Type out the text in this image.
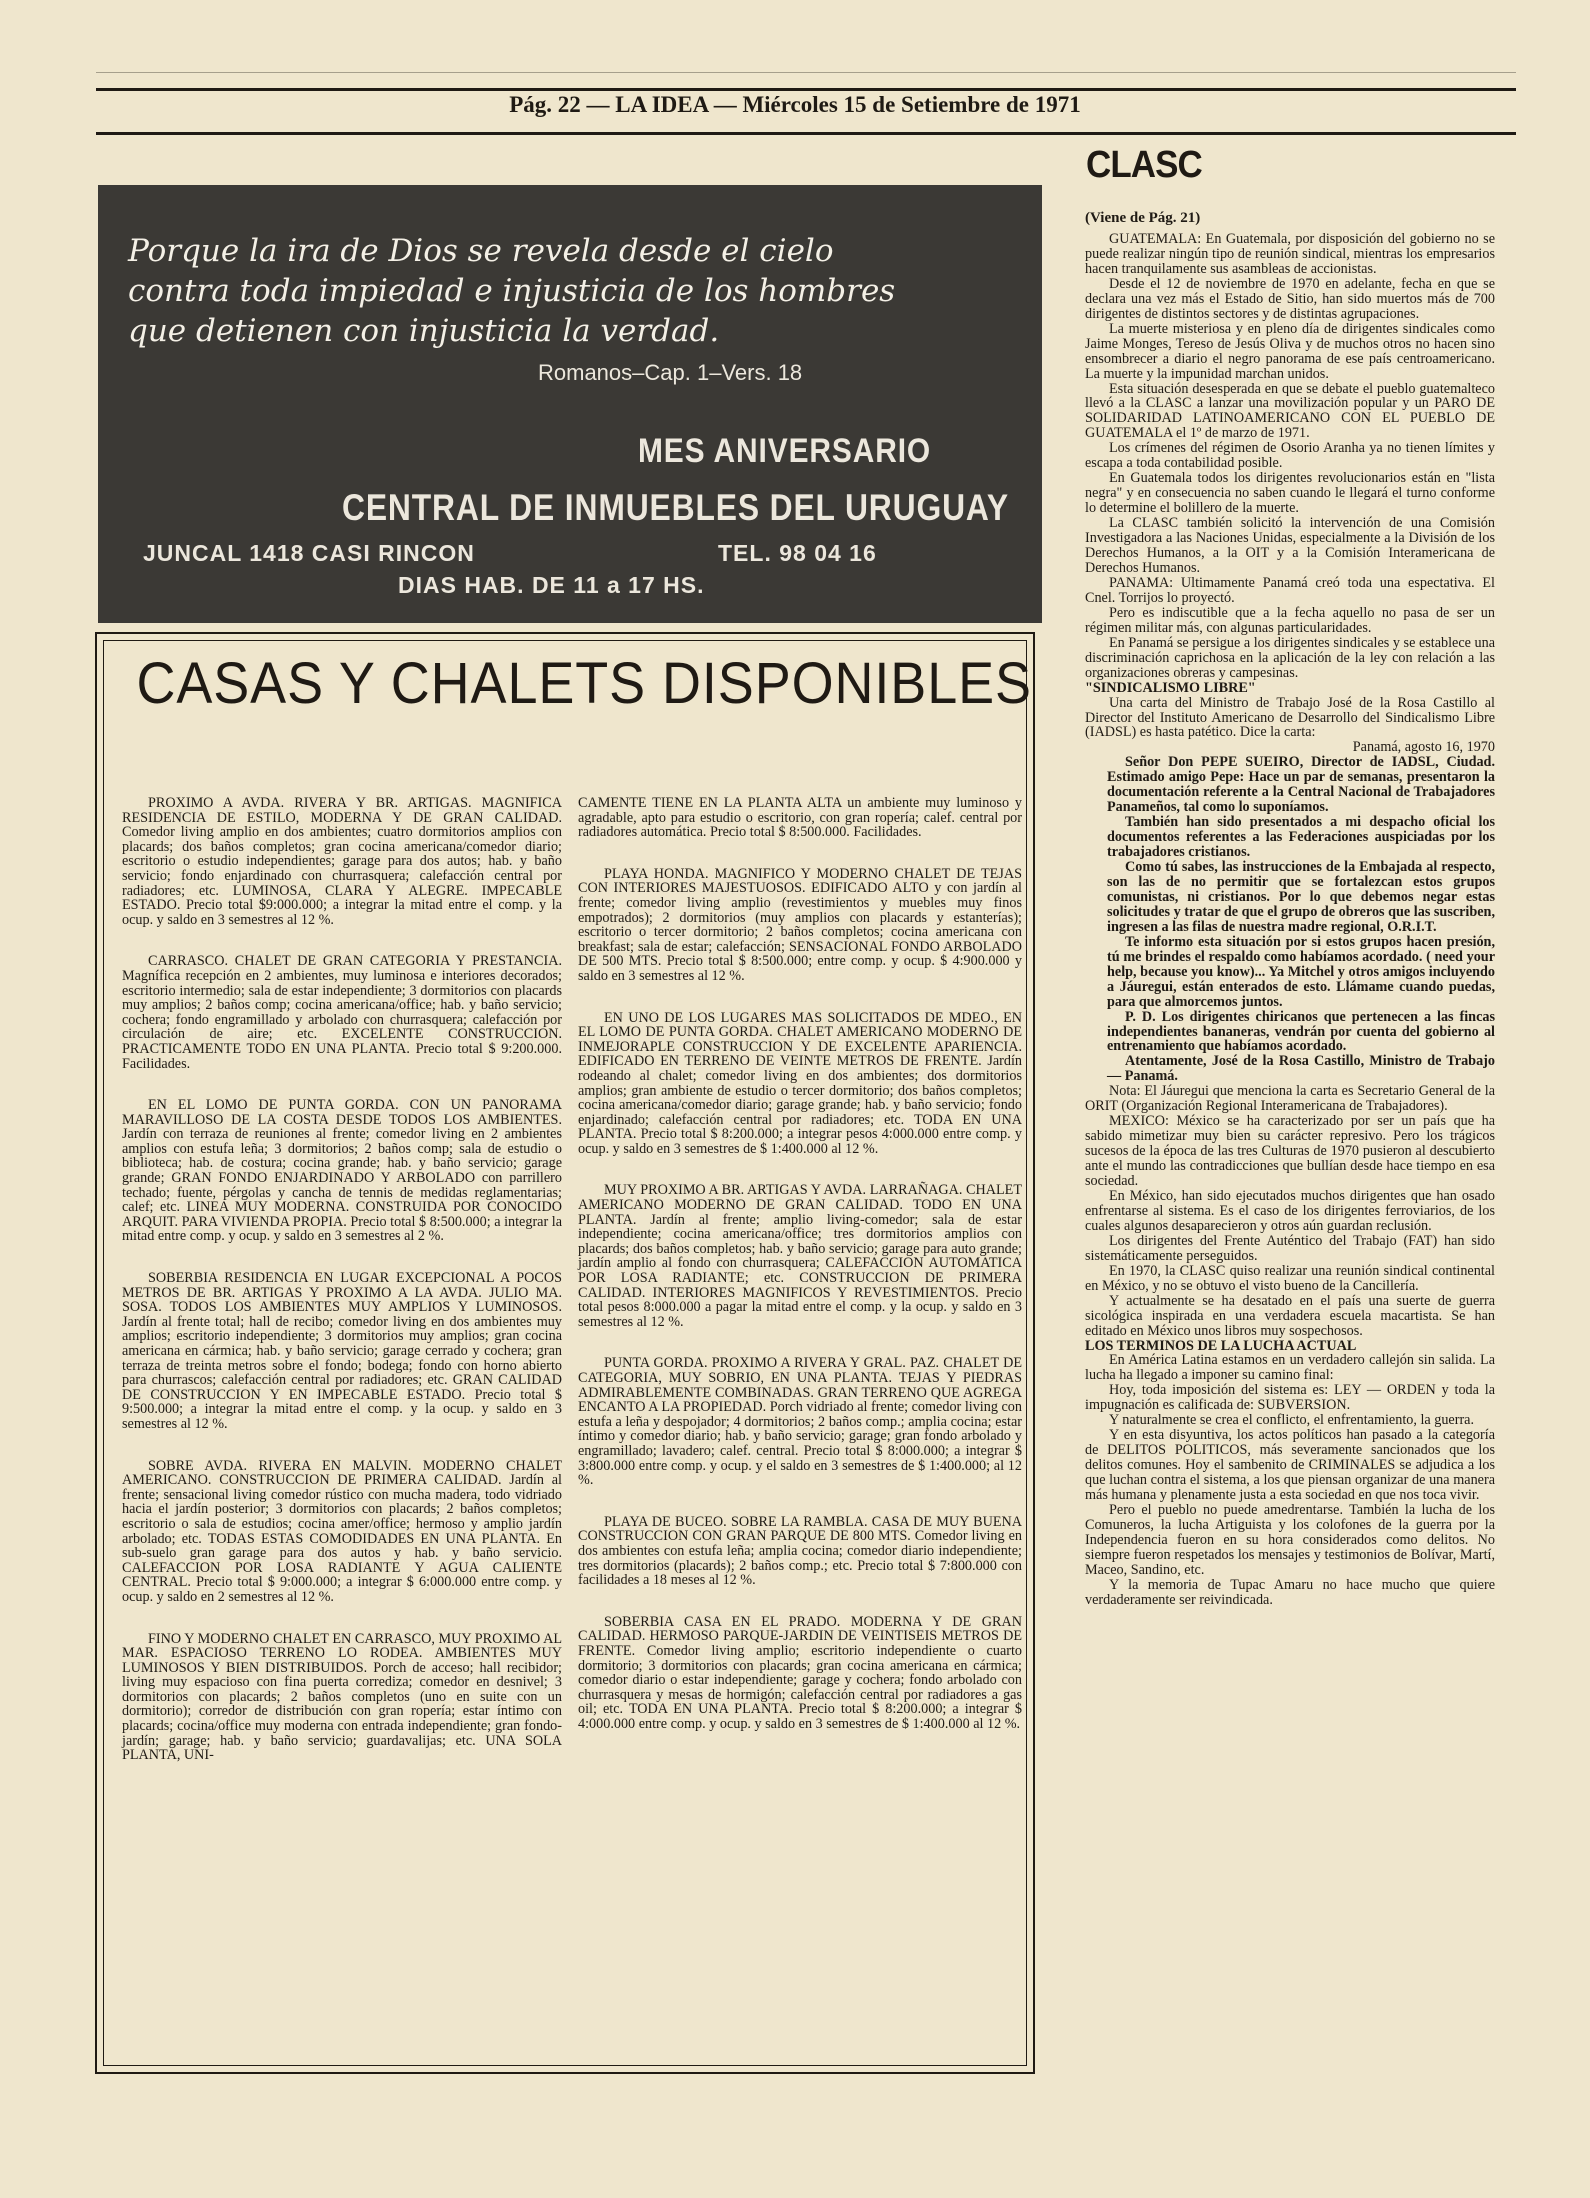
Pág. 22 — LA IDEA — Miércoles 15 de Setiembre de 1971
Porque la ira de Dios se revela desde el cielo
contra toda impiedad e injusticia de los hombres
que detienen con injusticia la verdad.
Romanos–Cap. 1–Vers. 18
MES ANIVERSARIO
CENTRAL DE INMUEBLES DEL URUGUAY
JUNCAL 1418 CASI RINCON	TEL. 98 04 16
DIAS HAB. DE 11 a 17 HS.
CASAS Y CHALETS DISPONIBLES

PROXIMO A AVDA. RIVERA Y BR. ARTIGAS. MAGNIFICA RESIDENCIA DE ESTILO, MODERNA Y DE GRAN CALIDAD. Comedor living amplio en dos ambientes; cuatro dormitorios amplios con placards; dos baños completos; gran cocina americana/comedor diario; escritorio o estudio independientes; garage para dos autos; hab. y baño servicio; fondo enjardinado con churrasquera; calefacción central por radiadores; etc. LUMINOSA, CLARA Y ALEGRE. IMPECABLE ESTADO. Precio total $9:000.000; a integrar la mitad entre el comp. y la ocup. y saldo en 3 semestres al 12 %.

CARRASCO. CHALET DE GRAN CATEGORIA Y PRESTANCIA. Magnífica recepción en 2 ambientes, muy luminosa e interiores decorados; escritorio intermedio; sala de estar independiente; 3 dormitorios con placards muy amplios; 2 baños comp; cocina americana/office; hab. y baño servicio; cochera; fondo engramillado y arbolado con churrasquera; calefacción por circulación de aire; etc. EXCELENTE CONSTRUCCION. PRACTICAMENTE TODO EN UNA PLANTA. Precio total $ 9:200.000. Facilidades.

EN EL LOMO DE PUNTA GORDA. CON UN PANORAMA MARAVILLOSO DE LA COSTA DESDE TODOS LOS AMBIENTES. Jardín con terraza de reuniones al frente; comedor living en 2 ambientes amplios con estufa leña; 3 dormitorios; 2 baños comp; sala de estudio o biblioteca; hab. de costura; cocina grande; hab. y baño servicio; garage grande; GRAN FONDO ENJARDINADO Y ARBOLADO con parrillero techado; fuente, pérgolas y cancha de tennis de medidas reglamentarias; calef; etc. LINEA MUY MODERNA. CONSTRUIDA POR CONOCIDO ARQUIT. PARA VIVIENDA PROPIA. Precio total $ 8:500.000; a integrar la mitad entre comp. y ocup. y saldo en 3 semestres al 2 %.

SOBERBIA RESIDENCIA EN LUGAR EXCEPCIONAL A POCOS METROS DE BR. ARTIGAS Y PROXIMO A LA AVDA. JULIO MA. SOSA. TODOS LOS AMBIENTES MUY AMPLIOS Y LUMINOSOS. Jardín al frente total; hall de recibo; comedor living en dos ambientes muy amplios; escritorio independiente; 3 dormitorios muy amplios; gran cocina americana en cármica; hab. y baño servicio; garage cerrado y cochera; gran terraza de treinta metros sobre el fondo; bodega; fondo con horno abierto para churrascos; calefacción central por radiadores; etc. GRAN CALIDAD DE CONSTRUCCION Y EN IMPECABLE ESTADO. Precio total $ 9:500.000; a integrar la mitad entre el comp. y la ocup. y saldo en 3 semestres al 12 %.

SOBRE AVDA. RIVERA EN MALVIN. MODERNO CHALET AMERICANO. CONSTRUCCION DE PRIMERA CALIDAD. Jardín al frente; sensacional living comedor rústico con mucha madera, todo vidriado hacia el jardín posterior; 3 dormitorios con placards; 2 baños completos; escritorio o sala de estudios; cocina amer/office; hermoso y amplio jardín arbolado; etc. TODAS ESTAS COMODIDADES EN UNA PLANTA. En sub-suelo gran garage para dos autos y hab. y baño servicio. CALEFACCION POR LOSA RADIANTE Y AGUA CALIENTE CENTRAL. Precio total $ 9:000.000; a integrar $ 6:000.000 entre comp. y ocup. y saldo en 2 semestres al 12 %.

FINO Y MODERNO CHALET EN CARRASCO, MUY PROXIMO AL MAR. ESPACIOSO TERRENO LO RODEA. AMBIENTES MUY LUMINOSOS Y BIEN DISTRIBUIDOS. Porch de acceso; hall recibidor; living muy espacioso con fina puerta corrediza; comedor en desnivel; 3 dormitorios con placards; 2 baños completos (uno en suite con un dormitorio); corredor de distribución con gran ropería; estar íntimo con placards; cocina/office muy moderna con entrada independiente; gran fondo-jardín; garage; hab. y baño servicio; guardavalijas; etc. UNA SOLA PLANTA, UNI-

CAMENTE TIENE EN LA PLANTA ALTA un ambiente muy luminoso y agradable, apto para estudio o escritorio, con gran ropería; calef. central por radiadores automática. Precio total $ 8:500.000. Facilidades.

PLAYA HONDA. MAGNIFICO Y MODERNO CHALET DE TEJAS CON INTERIORES MAJESTUOSOS. EDIFICADO ALTO y con jardín al frente; comedor living amplio (revestimientos y muebles muy finos empotrados); 2 dormitorios (muy amplios con placards y estanterías); escritorio o tercer dormitorio; 2 baños completos; cocina americana con breakfast; sala de estar; calefacción; SENSACIONAL FONDO ARBOLADO DE 500 MTS. Precio total $ 8:500.000; entre comp. y ocup. $ 4:900.000 y saldo en 3 semestres al 12 %.

EN UNO DE LOS LUGARES MAS SOLICITADOS DE MDEO., EN EL LOMO DE PUNTA GORDA. CHALET AMERICANO MODERNO DE INMEJORAPLE CONSTRUCCION Y DE EXCELENTE APARIENCIA. EDIFICADO EN TERRENO DE VEINTE METROS DE FRENTE. Jardín rodeando al chalet; comedor living en dos ambientes; dos dormitorios amplios; gran ambiente de estudio o tercer dormitorio; dos baños completos; cocina americana/comedor diario; garage grande; hab. y baño servicio; fondo enjardinado; calefacción central por radiadores; etc. TODA EN UNA PLANTA. Precio total $ 8:200.000; a integrar pesos 4:000.000 entre comp. y ocup. y saldo en 3 semestres de $ 1:400.000 al 12 %.

MUY PROXIMO A BR. ARTIGAS Y AVDA. LARRAÑAGA. CHALET AMERICANO MODERNO DE GRAN CALIDAD. TODO EN UNA PLANTA. Jardín al frente; amplio living-comedor; sala de estar independiente; cocina americana/office; tres dormitorios amplios con placards; dos baños completos; hab. y baño servicio; garage para auto grande; jardín amplio al fondo con churrasquera; CALEFACCION AUTOMATICA POR LOSA RADIANTE; etc. CONSTRUCCION DE PRIMERA CALIDAD. INTERIORES MAGNIFICOS Y REVESTIMIENTOS. Precio total pesos 8:000.000 a pagar la mitad entre el comp. y la ocup. y saldo en 3 semestres al 12 %.

PUNTA GORDA. PROXIMO A RIVERA Y GRAL. PAZ. CHALET DE CATEGORIA, MUY SOBRIO, EN UNA PLANTA. TEJAS Y PIEDRAS ADMIRABLEMENTE COMBINADAS. GRAN TERRENO QUE AGREGA ENCANTO A LA PROPIEDAD. Porch vidriado al frente; comedor living con estufa a leña y despojador; 4 dormitorios; 2 baños comp.; amplia cocina; estar íntimo y comedor diario; hab. y baño servicio; garage; gran fondo arbolado y engramillado; lavadero; calef. central. Precio total $ 8:000.000; a integrar $ 3:800.000 entre comp. y ocup. y el saldo en 3 semestres de $ 1:400.000; al 12 %.

PLAYA DE BUCEO. SOBRE LA RAMBLA. CASA DE MUY BUENA CONSTRUCCION CON GRAN PARQUE DE 800 MTS. Comedor living en dos ambientes con estufa leña; amplia cocina; comedor diario independiente; tres dormitorios (placards); 2 baños comp.; etc. Precio total $ 7:800.000 con facilidades a 18 meses al 12 %.

SOBERBIA CASA EN EL PRADO. MODERNA Y DE GRAN CALIDAD. HERMOSO PARQUE-JARDIN DE VEINTISEIS METROS DE FRENTE. Comedor living amplio; escritorio independiente o cuarto dormitorio; 3 dormitorios con placards; gran cocina americana en cármica; comedor diario o estar independiente; garage y cochera; fondo arbolado con churrasquera y mesas de hormigón; calefacción central por radiadores a gas oil; etc. TODA EN UNA PLANTA. Precio total $ 8:200.000; a integrar $ 4:000.000 entre comp. y ocup. y saldo en 3 semestres de $ 1:400.000 al 12 %.

CLASC
(Viene de Pág. 21)

GUATEMALA: En Guatemala, por disposición del gobierno no se puede realizar ningún tipo de reunión sindical, mientras los empresarios hacen tranquilamente sus asambleas de accionistas.

Desde el 12 de noviembre de 1970 en adelante, fecha en que se declara una vez más el Estado de Sitio, han sido muertos más de 700 dirigentes de distintos sectores y de distintas agrupaciones.

La muerte misteriosa y en pleno día de dirigentes sindicales como Jaime Monges, Tereso de Jesús Oliva y de muchos otros no hacen sino ensombrecer a diario el negro panorama de ese país centroamericano. La muerte y la impunidad marchan unidos.

Esta situación desesperada en que se debate el pueblo guatemalteco llevó a la CLASC a lanzar una movilización popular y un PARO DE SOLIDARIDAD LATINOAMERICANO CON EL PUEBLO DE GUATEMALA el 1º de marzo de 1971.

Los crímenes del régimen de Osorio Aranha ya no tienen límites y escapa a toda contabilidad posible.

En Guatemala todos los dirigentes revolucionarios están en "lista negra" y en consecuencia no saben cuando le llegará el turno conforme lo determine el bolillero de la muerte.

La CLASC también solicitó la intervención de una Comisión Investigadora a las Naciones Unidas, especialmente a la División de los Derechos Humanos, a la OIT y a la Comisión Interamericana de Derechos Humanos.

PANAMA: Ultimamente Panamá creó toda una espectativa. El Cnel. Torrijos lo proyectó.

Pero es indiscutible que a la fecha aquello no pasa de ser un régimen militar más, con algunas particularidades.

En Panamá se persigue a los dirigentes sindicales y se establece una discriminación caprichosa en la aplicación de la ley con relación a las organizaciones obreras y campesinas.

"SINDICALISMO LIBRE"

Una carta del Ministro de Trabajo José de la Rosa Castillo al Director del Instituto Americano de Desarrollo del Sindicalismo Libre (IADSL) es hasta patético. Dice la carta:

Panamá, agosto 16, 1970

Señor Don PEPE SUEIRO, Director de IADSL, Ciudad. Estimado amigo Pepe: Hace un par de semanas, presentaron la documentación referente a la Central Nacional de Trabajadores Panameños, tal como lo suponíamos.

También han sido presentados a mi despacho oficial los documentos referentes a las Federaciones auspiciadas por los trabajadores cristianos.

Como tú sabes, las instrucciones de la Embajada al respecto, son las de no permitir que se fortalezcan estos grupos comunistas, ni cristianos. Por lo que debemos negar estas solicitudes y tratar de que el grupo de obreros que las suscriben, ingresen a las filas de nuestra madre regional, O.R.I.T.

Te informo esta situación por si estos grupos hacen presión, tú me brindes el respaldo como habíamos acordado. ( need your help, because you know)... Ya Mitchel y otros amigos incluyendo a Jáuregui, están enterados de esto. Llámame cuando puedas, para que almorcemos juntos.

P. D. Los dirigentes chiricanos que pertenecen a las fincas independientes bananeras, vendrán por cuenta del gobierno al entrenamiento que habíamos acordado.

Atentamente, José de la Rosa Castillo, Ministro de Trabajo — Panamá.

Nota: El Jáuregui que menciona la carta es Secretario General de la ORIT (Organización Regional Interamericana de Trabajadores).

MEXICO: México se ha caracterizado por ser un país que ha sabido mimetizar muy bien su carácter represivo. Pero los trágicos sucesos de la época de las tres Culturas de 1970 pusieron al descubierto ante el mundo las contradicciones que bullían desde hace tiempo en esa sociedad.

En México, han sido ejecutados muchos dirigentes que han osado enfrentarse al sistema. Es el caso de los dirigentes ferroviarios, de los cuales algunos desaparecieron y otros aún guardan reclusión.

Los dirigentes del Frente Auténtico del Trabajo (FAT) han sido sistemáticamente perseguidos.

En 1970, la CLASC quiso realizar una reunión sindical continental en México, y no se obtuvo el visto bueno de la Cancillería.

Y actualmente se ha desatado en el país una suerte de guerra sicológica inspirada en una verdadera escuela macartista. Se han editado en México unos libros muy sospechosos.

LOS TERMINOS DE LA LUCHA ACTUAL

En América Latina estamos en un verdadero callejón sin salida. La lucha ha llegado a imponer su camino final:

Hoy, toda imposición del sistema es: LEY — ORDEN y toda la impugnación es calificada de: SUBVERSION.

Y naturalmente se crea el conflicto, el enfrentamiento, la guerra.

Y en esta disyuntiva, los actos políticos han pasado a la categoría de DELITOS POLITICOS, más severamente sancionados que los delitos comunes. Hoy el sambenito de CRIMINALES se adjudica a los que luchan contra el sistema, a los que piensan organizar de una manera más humana y plenamente justa a esta sociedad en que nos toca vivir.

Pero el pueblo no puede amedrentarse. También la lucha de los Comuneros, la lucha Artiguista y los colofones de la guerra por la Independencia fueron en su hora considerados como delitos. No siempre fueron respetados los mensajes y testimonios de Bolívar, Martí, Maceo, Sandino, etc.

Y la memoria de Tupac Amaru no hace mucho que quiere verdaderamente ser reivindicada.
